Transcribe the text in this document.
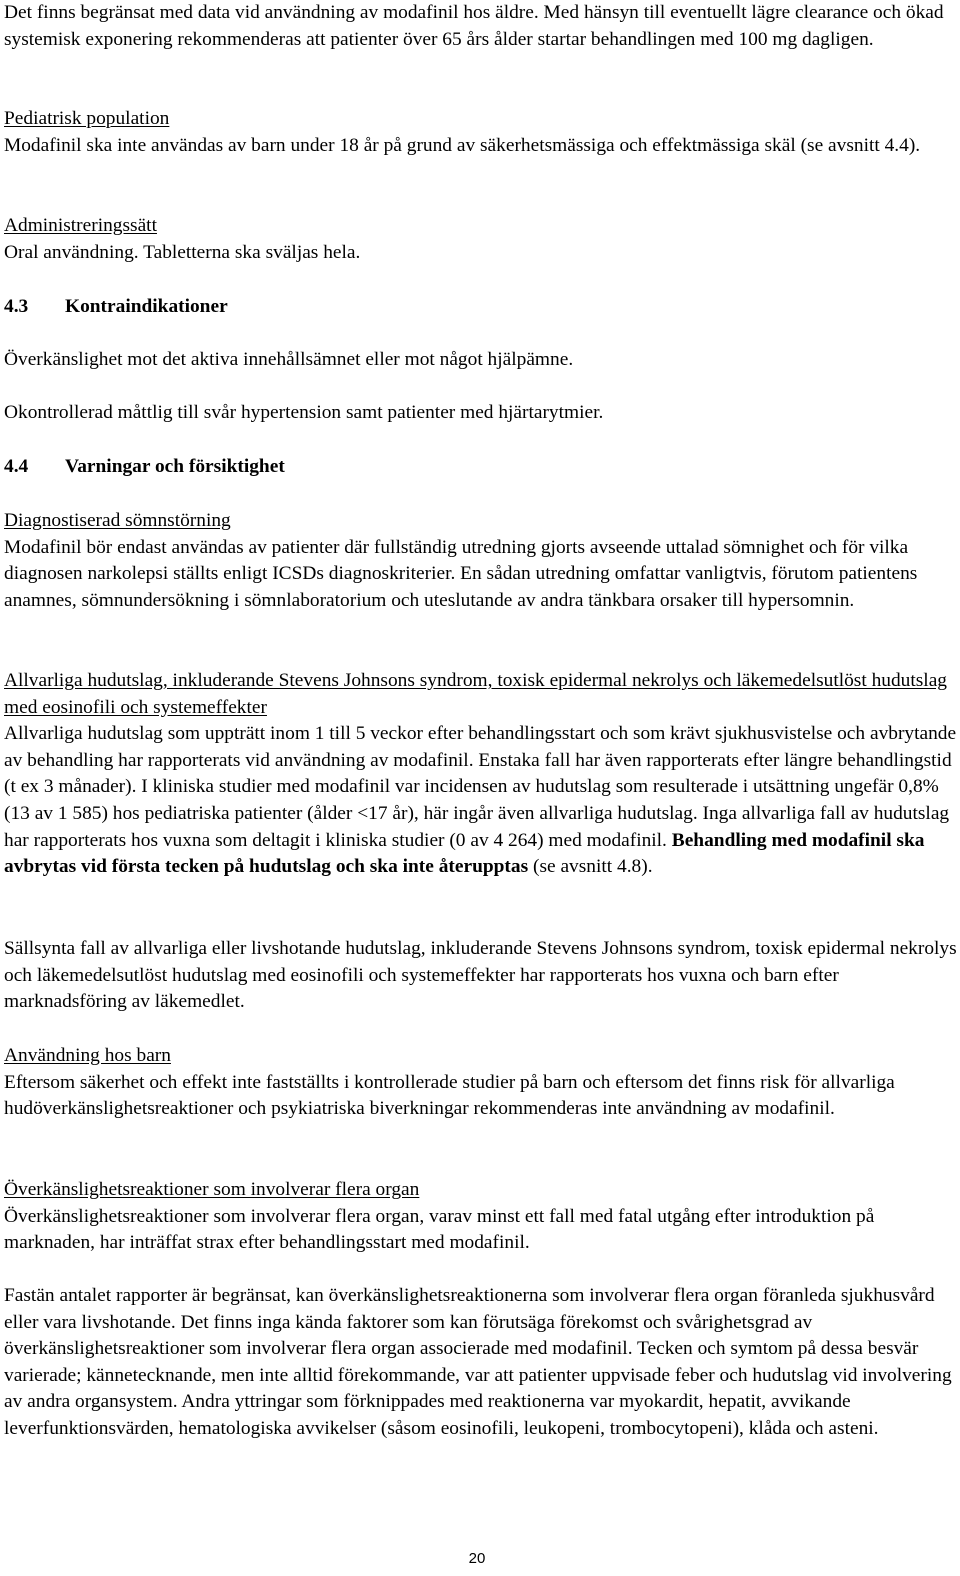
Det finns begränsat med data vid användning av modafinil hos äldre. Med hänsyn till eventuellt lägre clearance och ökad systemisk exponering rekommenderas att patienter över 65 års ålder startar behandlingen med 100 mg dagligen.

Pediatrisk population

Modafinil ska inte användas av barn under 18 år på grund av säkerhetsmässiga och effektmässiga skäl (se avsnitt 4.4).

Administreringssätt

Oral användning. Tabletterna ska sväljas hela.

4.3	Kontraindikationer

Överkänslighet mot det aktiva innehållsämnet eller mot något hjälpämne.

Okontrollerad måttlig till svår hypertension samt patienter med hjärtarytmier.

4.4	Varningar och försiktighet

Diagnostiserad sömnstörning

Modafinil bör endast användas av patienter där fullständig utredning gjorts avseende uttalad sömnighet och för vilka diagnosen narkolepsi ställts enligt ICSDs diagnoskriterier. En sådan utredning omfattar vanligtvis, förutom patientens anamnes, sömnundersökning i sömnlaboratorium och uteslutande av andra tänkbara orsaker till hypersomnin.

Allvarliga hudutslag, inkluderande Stevens Johnsons syndrom, toxisk epidermal nekrolys och läkemedelsutlöst hudutslag med eosinofili och systemeffekter

Allvarliga hudutslag som uppträtt inom 1 till 5 veckor efter behandlingsstart och som krävt sjukhusvistelse och avbrytande av behandling har rapporterats vid användning av modafinil. Enstaka fall har även rapporterats efter längre behandlingstid (t ex 3 månader). I kliniska studier med modafinil var incidensen av hudutslag som resulterade i utsättning ungefär 0,8% (13 av 1 585) hos pediatriska patienter (ålder <17 år), här ingår även allvarliga hudutslag. Inga allvarliga fall av hudutslag har rapporterats hos vuxna som deltagit i kliniska studier (0 av 4 264) med modafinil. Behandling med modafinil ska avbrytas vid första tecken på hudutslag och ska inte återupptas (se avsnitt 4.8).

Sällsynta fall av allvarliga eller livshotande hudutslag, inkluderande Stevens Johnsons syndrom, toxisk epidermal nekrolys och läkemedelsutlöst hudutslag med eosinofili och systemeffekter har rapporterats hos vuxna och barn efter marknadsföring av läkemedlet.

Användning hos barn

Eftersom säkerhet och effekt inte fastställts i kontrollerade studier på barn och eftersom det finns risk för allvarliga hudöverkänslighetsreaktioner och psykiatriska biverkningar rekommenderas inte användning av modafinil.

Överkänslighetsreaktioner som involverar flera organ

Överkänslighetsreaktioner som involverar flera organ, varav minst ett fall med fatal utgång efter introduktion på marknaden, har inträffat strax efter behandlingsstart med modafinil.

Fastän antalet rapporter är begränsat, kan överkänslighetsreaktionerna som involverar flera organ föranleda sjukhusvård eller vara livshotande. Det finns inga kända faktorer som kan förutsäga förekomst och svårighetsgrad av överkänslighetsreaktioner som involverar flera organ associerade med modafinil. Tecken och symtom på dessa besvär varierade; kännetecknande, men inte alltid förekommande, var att patienter uppvisade feber och hudutslag vid involvering av andra organsystem. Andra yttringar som förknippades med reaktionerna var myokardit, hepatit, avvikande leverfunktionsvärden, hematologiska avvikelser (såsom eosinofili, leukopeni, trombocytopeni), klåda och asteni.

20
